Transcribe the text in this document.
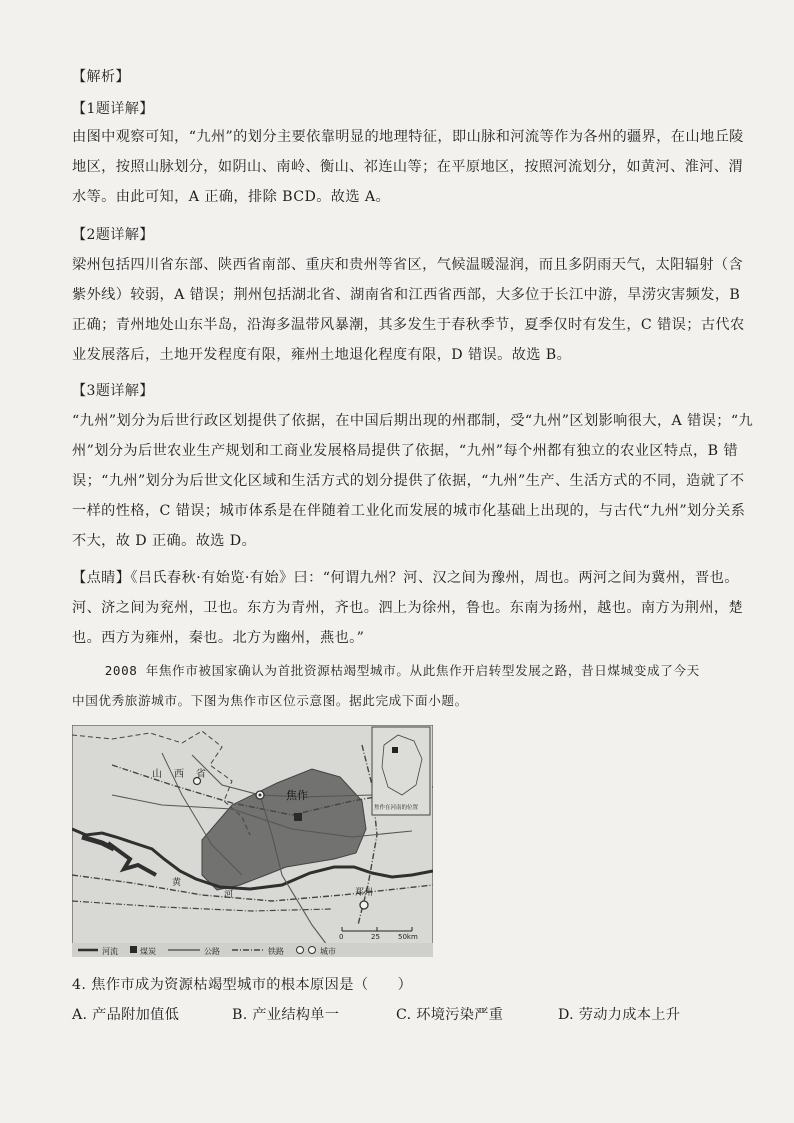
【解析】
【1题详解】
由图中观察可知，“九州”的划分主要依靠明显的地理特征，即山脉和河流等作为各州的疆界，在山地丘陵
地区，按照山脉划分，如阴山、南岭、衡山、祁连山等；在平原地区，按照河流划分，如黄河、淮河、渭
水等。由此可知，A 正确，排除 BCD。故选 A。
【2题详解】
梁州包括四川省东部、陕西省南部、重庆和贵州等省区，气候温暖湿润，而且多阴雨天气，太阳辐射（含
紫外线）较弱，A 错误；荆州包括湖北省、湖南省和江西省西部，大多位于长江中游，旱涝灾害频发，B
正确；青州地处山东半岛，沿海多温带风暴潮，其多发生于春秋季节，夏季仅时有发生，C 错误；古代农
业发展落后，土地开发程度有限，雍州土地退化程度有限，D 错误。故选 B。
【3题详解】
“九州”划分为后世行政区划提供了依据，在中国后期出现的州郡制，受“九州”区划影响很大，A 错误；“九
州”划分为后世农业生产规划和工商业发展格局提供了依据，“九州”每个州都有独立的农业区特点，B 错
误；“九州”划分为后世文化区域和生活方式的划分提供了依据，“九州”生产、生活方式的不同，造就了不
一样的性格，C 错误；城市体系是在伴随着工业化而发展的城市化基础上出现的，与古代“九州”划分关系
不大，故 D 正确。故选 D。
【点睛】《吕氏春秋·有始览·有始》曰：“何谓九州？河、汉之间为豫州，周也。两河之间为冀州，晋也。
河、济之间为兖州，卫也。东方为青州，齐也。泗上为徐州，鲁也。东南为扬州，越也。南方为荆州，楚
也。西方为雍州，秦也。北方为幽州，燕也。”
2008 年焦作市被国家确认为首批资源枯竭型城市。从此焦作开启转型发展之路，昔日煤城变成了今天
中国优秀旅游城市。下图为焦作市区位示意图。据此完成下面小题。
山西省
焦作
郑州
黄
河
焦作在河南的位置
0	25	50km
河流	煤炭	公路	铁路	城市
4. 焦作市成为资源枯竭型城市的根本原因是（　　）
A. 产品附加值低	B. 产业结构单一	C. 环境污染严重	D. 劳动力成本上升
